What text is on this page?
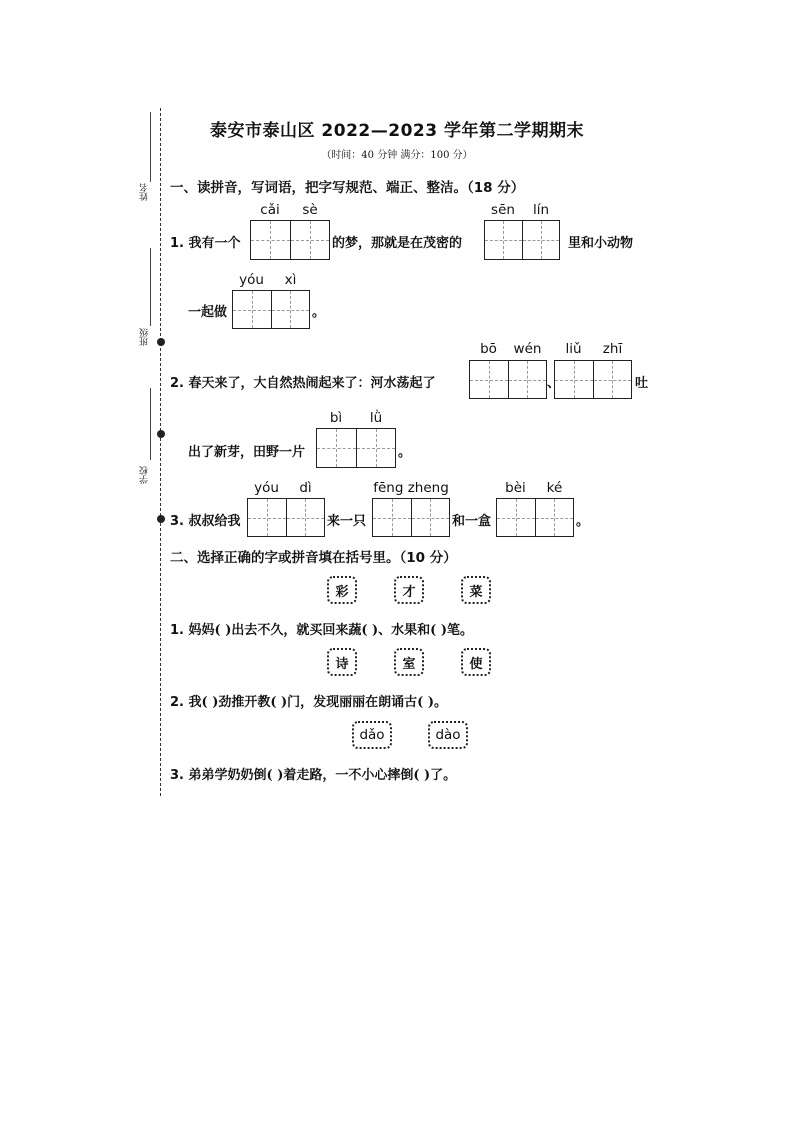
姓名
班级
学校
泰安市泰山区 2022—2023 学年第二学期期末
（时间：40 分钟 满分：100 分）
一、读拼音，写词语，把字写规范、端正、整洁。（18 分）
cǎi	sè
1. 我有一个	的梦，那就是在茂密的
sēn	lín
里和小动物
yóu	xì
一起做	。
bō	wén	liǔ	zhī
2. 春天来了，大自然热闹起来了：河水荡起了	、	吐
bì	lǜ
出了新芽，田野一片	。
yóu	dì	fēng zheng	bèi	ké
3. 叔叔给我	来一只	和一盒	。
二、选择正确的字或拼音填在括号里。（10 分）
彩	才	菜
1. 妈妈( )出去不久，就买回来蔬( )、水果和( )笔。
诗	室	使
2. 我( )劲推开教( )门，发现丽丽在朗诵古( )。
dǎo	dào
3. 弟弟学奶奶倒( )着走路，一不小心摔倒( )了。
